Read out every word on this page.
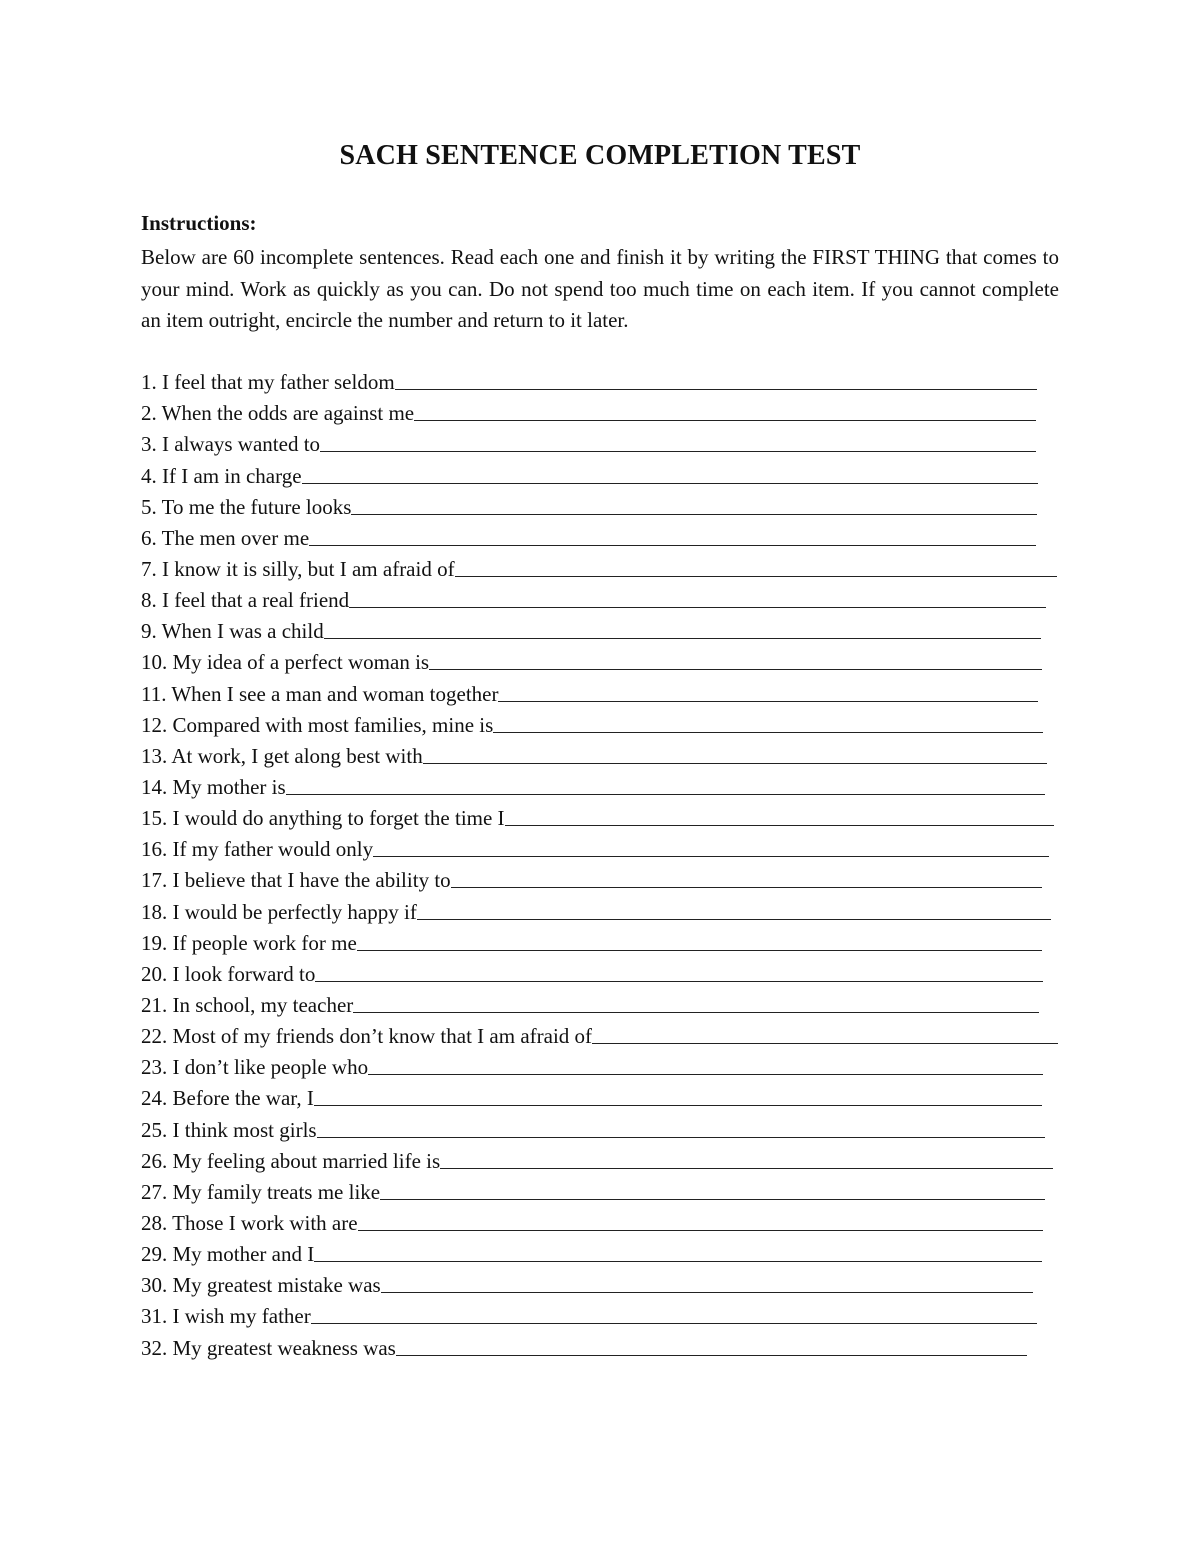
SACH SENTENCE COMPLETION TEST

Instructions:

Below are 60 incomplete sentences. Read each one and finish it by writing the FIRST THING that comes to your mind. Work as quickly as you can. Do not spend too much time on each item. If you cannot complete an item outright, encircle the number and return to it later.

1. I feel that my father seldom
2. When the odds are against me
3. I always wanted to
4. If I am in charge
5. To me the future looks
6. The men over me
7. I know it is silly, but I am afraid of
8. I feel that a real friend
9. When I was a child
10. My idea of a perfect woman is
11. When I see a man and woman together
12. Compared with most families, mine is
13. At work, I get along best with
14. My mother is
15. I would do anything to forget the time I
16. If my father would only
17. I believe that I have the ability to
18. I would be perfectly happy if
19. If people work for me
20. I look forward to
21. In school, my teacher
22. Most of my friends don’t know that I am afraid of
23. I don’t like people who
24. Before the war, I
25. I think most girls
26. My feeling about married life is
27. My family treats me like
28. Those I work with are
29. My mother and I
30. My greatest mistake was
31. I wish my father
32. My greatest weakness was
